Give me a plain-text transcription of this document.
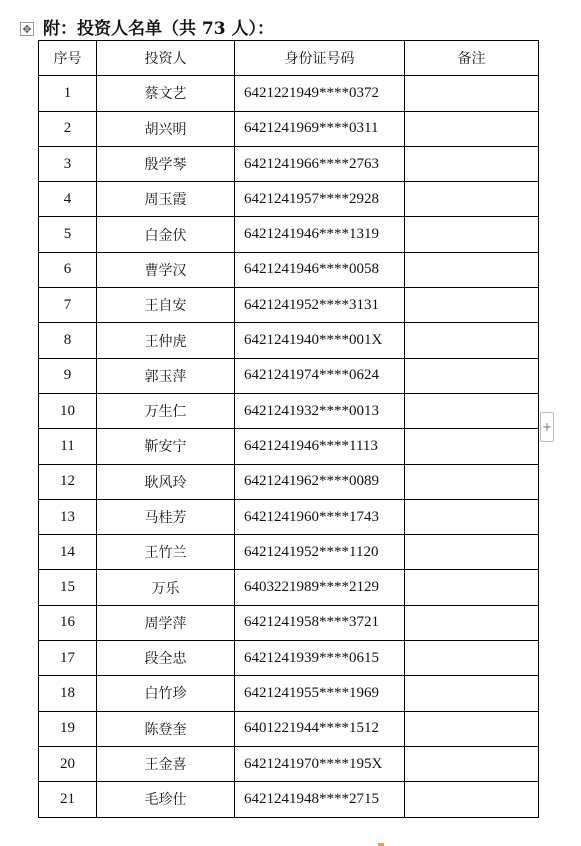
✥ 附：投资人名单（共 73 人）：
序号	投资人	身份证号码	备注
1	蔡文艺	6421221949****0372	
2	胡兴明	6421241969****0311	
3	殷学琴	6421241966****2763	
4	周玉霞	6421241957****2928	
5	白金伏	6421241946****1319	
6	曹学汉	6421241946****0058	
7	王自安	6421241952****3131	
8	王仲虎	6421241940****001X	
9	郭玉萍	6421241974****0624	
10	万生仁	6421241932****0013	
11	靳安宁	6421241946****1113	
12	耿风玲	6421241962****0089	
13	马桂芳	6421241960****1743	
14	王竹兰	6421241952****1120	
15	万乐	6403221989****2129	
16	周学萍	6421241958****3721	
17	段全忠	6421241939****0615	
18	白竹珍	6421241955****1969	
19	陈登奎	6401221944****1512	
20	王金喜	6421241970****195X	
21	毛珍仕	6421241948****2715	
+
